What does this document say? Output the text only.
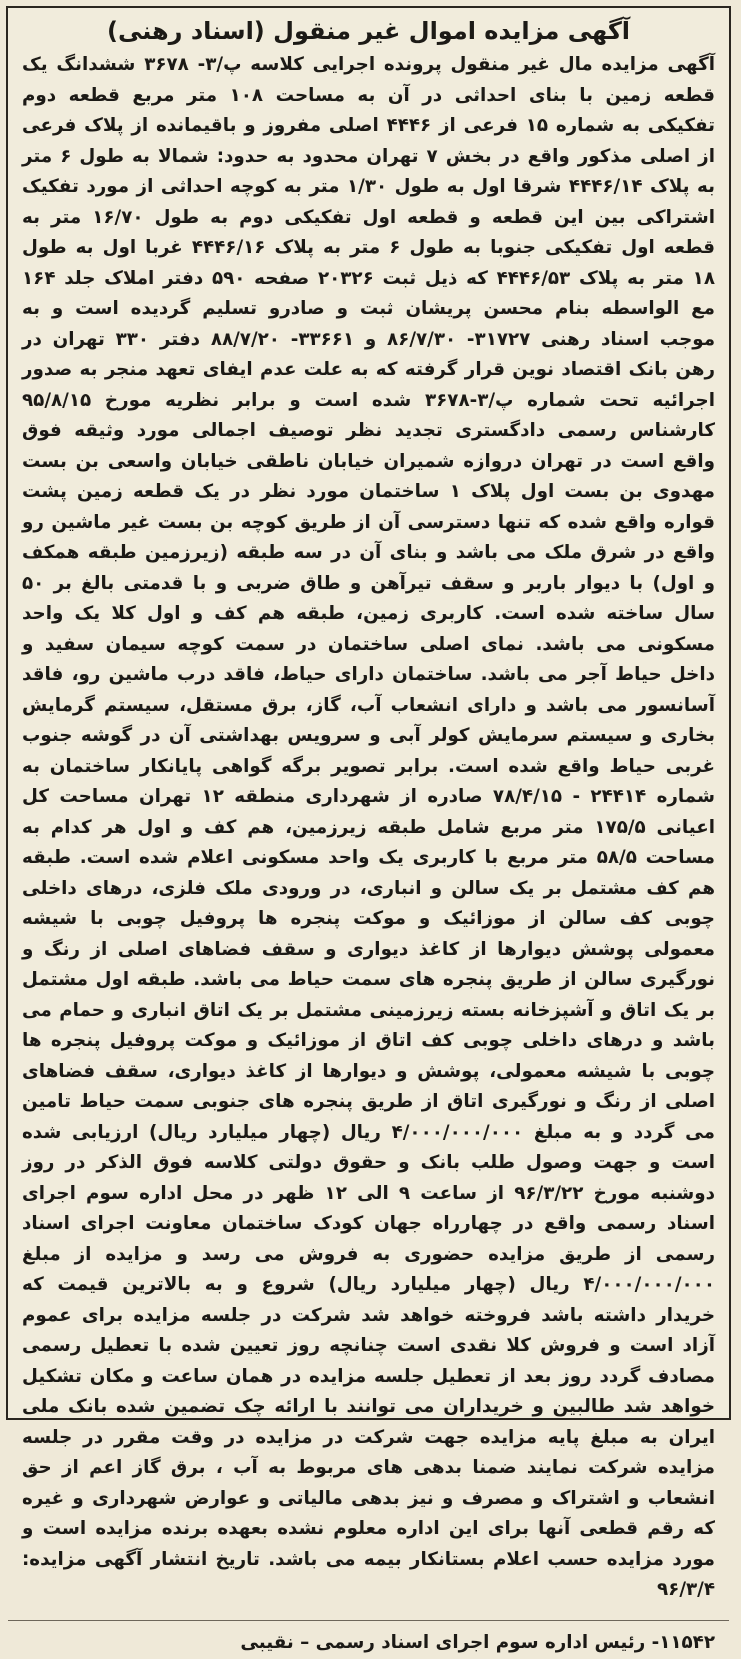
آگهی مزایده اموال غیر منقول (اسناد رهنی)

آگهی مزایده مال غیر منقول پرونده اجرایی کلاسه پ/۳- ۳۶۷۸ ششدانگ یک قطعه زمین با بنای احداثی در آن به مساحت ۱۰۸ متر مربع قطعه دوم تفکیکی به شماره ۱۵ فرعی از ۴۴۴۶ اصلی مفروز و باقیمانده از پلاک فرعی از اصلی مذکور واقع در بخش ۷ تهران محدود به حدود: شمالا به طول ۶ متر به پلاک ۴۴۴۶/۱۴ شرقا اول به طول ۱/۳۰ متر به کوچه احداثی از مورد تفکیک اشتراکی بین این قطعه و قطعه اول تفکیکی دوم به طول ۱۶/۷۰ متر به قطعه اول تفکیکی جنوبا به طول ۶ متر به پلاک ۴۴۴۶/۱۶ غربا اول به طول ۱۸ متر به پلاک ۴۴۴۶/۵۳ که ذیل ثبت ۲۰۳۲۶ صفحه ۵۹۰ دفتر املاک جلد ۱۶۴ مع الواسطه بنام محسن پریشان ثبت و صادرو تسلیم گردیده است و به موجب اسناد رهنی ۳۱۷۲۷- ۸۶/۷/۳۰ و ۳۳۶۶۱- ۸۸/۷/۲۰ دفتر ۳۳۰ تهران در رهن بانک اقتصاد نوین قرار گرفته که به علت عدم ایفای تعهد منجر به صدور اجرائیه تحت شماره پ/۳-۳۶۷۸ شده است و برابر نظریه مورخ ۹۵/۸/۱۵ کارشناس رسمی دادگستری تجدید نظر توصیف اجمالی مورد وثیقه فوق واقع است در تهران دروازه شمیران خیابان ناطقی خیابان واسعی بن بست مهدوی بن بست اول پلاک ۱ ساختمان مورد نظر در یک قطعه زمین پشت قواره واقع شده که تنها دسترسی آن از طریق کوچه بن بست غیر ماشین رو واقع در شرق ملک می باشد و بنای آن در سه طبقه (زیرزمین طبقه همکف و اول) با دیوار باربر و سقف تیرآهن و طاق ضربی و با قدمتی بالغ بر ۵۰ سال ساخته شده است. کاربری زمین، طبقه هم کف و اول کلا یک واحد مسکونی می باشد. نمای اصلی ساختمان در سمت کوچه سیمان سفید و داخل حیاط آجر می باشد. ساختمان دارای حیاط، فاقد درب ماشین رو، فاقد آسانسور می باشد و دارای انشعاب آب، گاز، برق مستقل، سیستم گرمایش بخاری و سیستم سرمایش کولر آبی و سرویس بهداشتی آن در گوشه جنوب غربی حیاط واقع شده است. برابر تصویر برگه گواهی پایانکار ساختمان به شماره ۲۴۴۱۴ - ۷۸/۴/۱۵ صادره از شهرداری منطقه ۱۲ تهران مساحت کل اعیانی ۱۷۵/۵ متر مربع شامل طبقه زیرزمین، هم کف و اول هر کدام به مساحت ۵۸/۵ متر مربع با کاربری یک واحد مسکونی اعلام شده است. طبقه هم کف مشتمل بر یک سالن و انباری، در ورودی ملک فلزی، درهای داخلی چوبی کف سالن از موزائیک و موکت پنجره ها پروفیل چوبی با شیشه معمولی پوشش دیوارها از کاغذ دیواری و سقف فضاهای اصلی از رنگ و نورگیری سالن از طریق پنجره های سمت حیاط می باشد. طبقه اول مشتمل بر یک اتاق و آشپزخانه بسته زیرزمینی مشتمل بر یک اتاق انباری و حمام می باشد و درهای داخلی چوبی کف اتاق از موزائیک و موکت پروفیل پنجره ها چوبی با شیشه معمولی، پوشش و دیوارها از کاغذ دیواری، سقف فضاهای اصلی از رنگ و نورگیری اتاق از طریق پنجره های جنوبی سمت حیاط تامین می گردد و به مبلغ ۴/۰۰۰/۰۰۰/۰۰۰ ریال (چهار میلیارد ریال) ارزیابی شده است و جهت وصول طلب بانک و حقوق دولتی کلاسه فوق الذکر در روز دوشنبه مورخ ۹۶/۳/۲۲ از ساعت ۹ الی ۱۲ ظهر در محل اداره سوم اجرای اسناد رسمی واقع در چهارراه جهان کودک ساختمان معاونت اجرای اسناد رسمی از طریق مزایده حضوری به فروش می رسد و مزایده از مبلغ ۴/۰۰۰/۰۰۰/۰۰۰ ریال (چهار میلیارد ریال) شروع و به بالاترین قیمت که خریدار داشته باشد فروخته خواهد شد شرکت در جلسه مزایده برای عموم آزاد است و فروش کلا نقدی است چنانچه روز تعیین شده با تعطیل رسمی مصادف گردد روز بعد از تعطیل جلسه مزایده در همان ساعت و مکان تشکیل خواهد شد طالبین و خریداران می توانند با ارائه چک تضمین شده بانک ملی ایران به مبلغ پایه مزایده جهت شرکت در مزایده در وقت مقرر در جلسه مزایده شرکت نمایند ضمنا بدهی های مربوط به آب ، برق گاز اعم از حق انشعاب و اشتراک و مصرف و نیز بدهی مالیاتی و عوارض شهرداری و غیره که رقم قطعی آنها برای این اداره معلوم نشده بعهده برنده مزایده است و مورد مزایده حسب اعلام بستانکار بیمه می باشد. تاریخ انتشار آگهی مزایده: ۹۶/۳/۴

۱۱۵۴۲- رئیس اداره سوم اجرای اسناد رسمی – نقیبی
